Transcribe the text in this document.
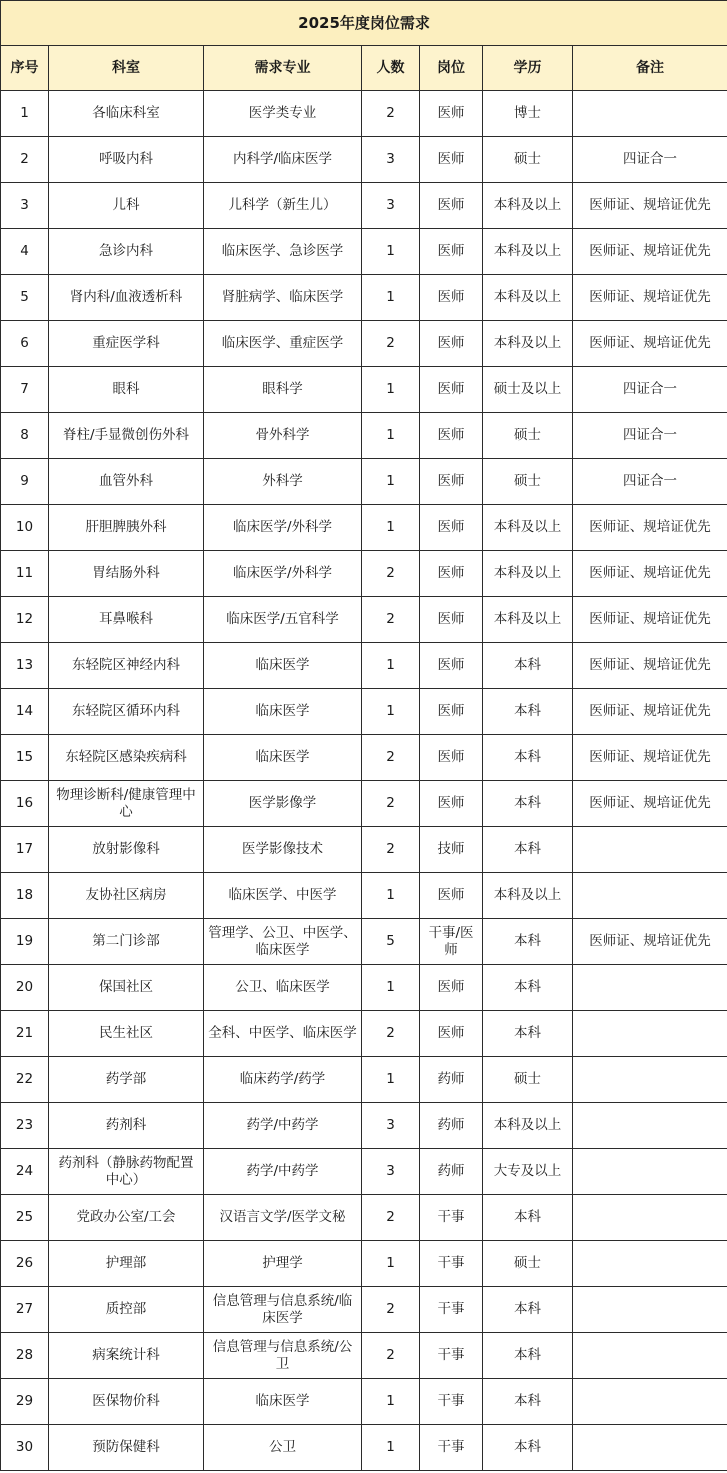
2025年度岗位需求						
序号	科室	需求专业	人数	岗位	学历	备注
1	各临床科室	医学类专业	2	医师	博士	
2	呼吸内科	内科学/临床医学	3	医师	硕士	四证合一
3	儿科	儿科学（新生儿）	3	医师	本科及以上	医师证、规培证优先
4	急诊内科	临床医学、急诊医学	1	医师	本科及以上	医师证、规培证优先
5	肾内科/血液透析科	肾脏病学、临床医学	1	医师	本科及以上	医师证、规培证优先
6	重症医学科	临床医学、重症医学	2	医师	本科及以上	医师证、规培证优先
7	眼科	眼科学	1	医师	硕士及以上	四证合一
8	脊柱/手显微创伤外科	骨外科学	1	医师	硕士	四证合一
9	血管外科	外科学	1	医师	硕士	四证合一
10	肝胆脾胰外科	临床医学/外科学	1	医师	本科及以上	医师证、规培证优先
11	胃结肠外科	临床医学/外科学	2	医师	本科及以上	医师证、规培证优先
12	耳鼻喉科	临床医学/五官科学	2	医师	本科及以上	医师证、规培证优先
13	东轻院区神经内科	临床医学	1	医师	本科	医师证、规培证优先
14	东轻院区循环内科	临床医学	1	医师	本科	医师证、规培证优先
15	东轻院区感染疾病科	临床医学	2	医师	本科	医师证、规培证优先
16	物理诊断科/健康管理中心	医学影像学	2	医师	本科	医师证、规培证优先
17	放射影像科	医学影像技术	2	技师	本科	
18	友协社区病房	临床医学、中医学	1	医师	本科及以上	
19	第二门诊部	管理学、公卫、中医学、临床医学	5	干事/医师	本科	医师证、规培证优先
20	保国社区	公卫、临床医学	1	医师	本科	
21	民生社区	全科、中医学、临床医学	2	医师	本科	
22	药学部	临床药学/药学	1	药师	硕士	
23	药剂科	药学/中药学	3	药师	本科及以上	
24	药剂科（静脉药物配置中心）	药学/中药学	3	药师	大专及以上	
25	党政办公室/工会	汉语言文学/医学文秘	2	干事	本科	
26	护理部	护理学	1	干事	硕士	
27	质控部	信息管理与信息系统/临床医学	2	干事	本科	
28	病案统计科	信息管理与信息系统/公卫	2	干事	本科	
29	医保物价科	临床医学	1	干事	本科	
30	预防保健科	公卫	1	干事	本科	
